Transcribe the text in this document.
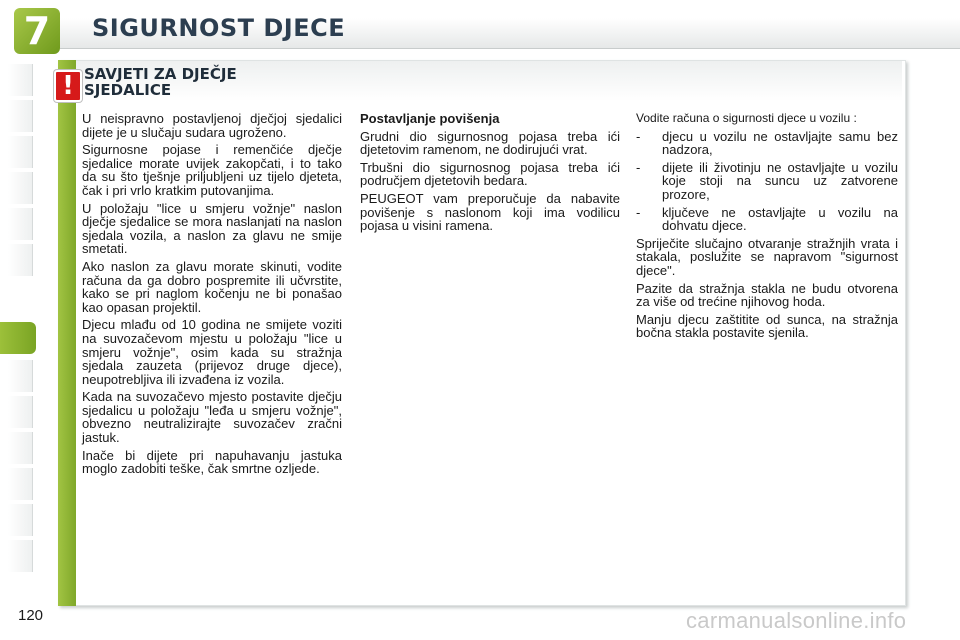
7	SIGURNOST DJECE
! SAVJETI ZA DJEČJE
SJEDALICE

U neispravno postavljenoj dječjoj sjedalici dijete je u slučaju sudara ugroženo.

Sigurnosne pojase i remenčiće dječje sjedalice morate uvijek zakopčati, i to tako da su što tješnje priljubljeni uz tijelo djeteta, čak i pri vrlo kratkim putovanjima.

U položaju "lice u smjeru vožnje" naslon dječje sjedalice se mora naslanjati na naslon sjedala vozila, a naslon za glavu ne smije smetati.

Ako naslon za glavu morate skinuti, vodite računa da ga dobro pospremite ili učvrstite, kako se pri naglom kočenju ne bi ponašao kao opasan projektil.

Djecu mlađu od 10 godina ne smijete voziti na suvozačevom mjestu u položaju "lice u smjeru vožnje", osim kada su stražnja sjedala zauzeta (prijevoz druge djece), neupotrebljiva ili izvađena iz vozila.

Kada na suvozačevo mjesto postavite dječju sjedalicu u položaju "leđa u smjeru vožnje", obvezno neutralizirajte suvozačev zračni jastuk.

Inače bi dijete pri napuhavanju jastuka moglo zadobiti teške, čak smrtne ozljede.

Postavljanje povišenja

Grudni dio sigurnosnog pojasa treba ići djetetovim ramenom, ne dodirujući vrat.

Trbušni dio sigurnosnog pojasa treba ići područjem djetetovih bedara.

PEUGEOT vam preporučuje da nabavite povišenje s naslonom koji ima vodilicu pojasa u visini ramena.

Vodite računa o sigurnosti djece u vozilu :

- djecu u vozilu ne ostavljajte samu bez nadzora,
- dijete ili životinju ne ostavljajte u vozilu koje stoji na suncu uz zatvorene prozore,
- ključeve ne ostavljajte u vozilu na dohvatu djece.

Spriječite slučajno otvaranje stražnjih vrata i stakala, poslužite se napravom "sigurnost djece".

Pazite da stražnja stakla ne budu otvorena za više od trećine njihovog hoda.

Manju djecu zaštitite od sunca, na stražnja bočna stakla postavite sjenila.

120	carmanualsonline.info
